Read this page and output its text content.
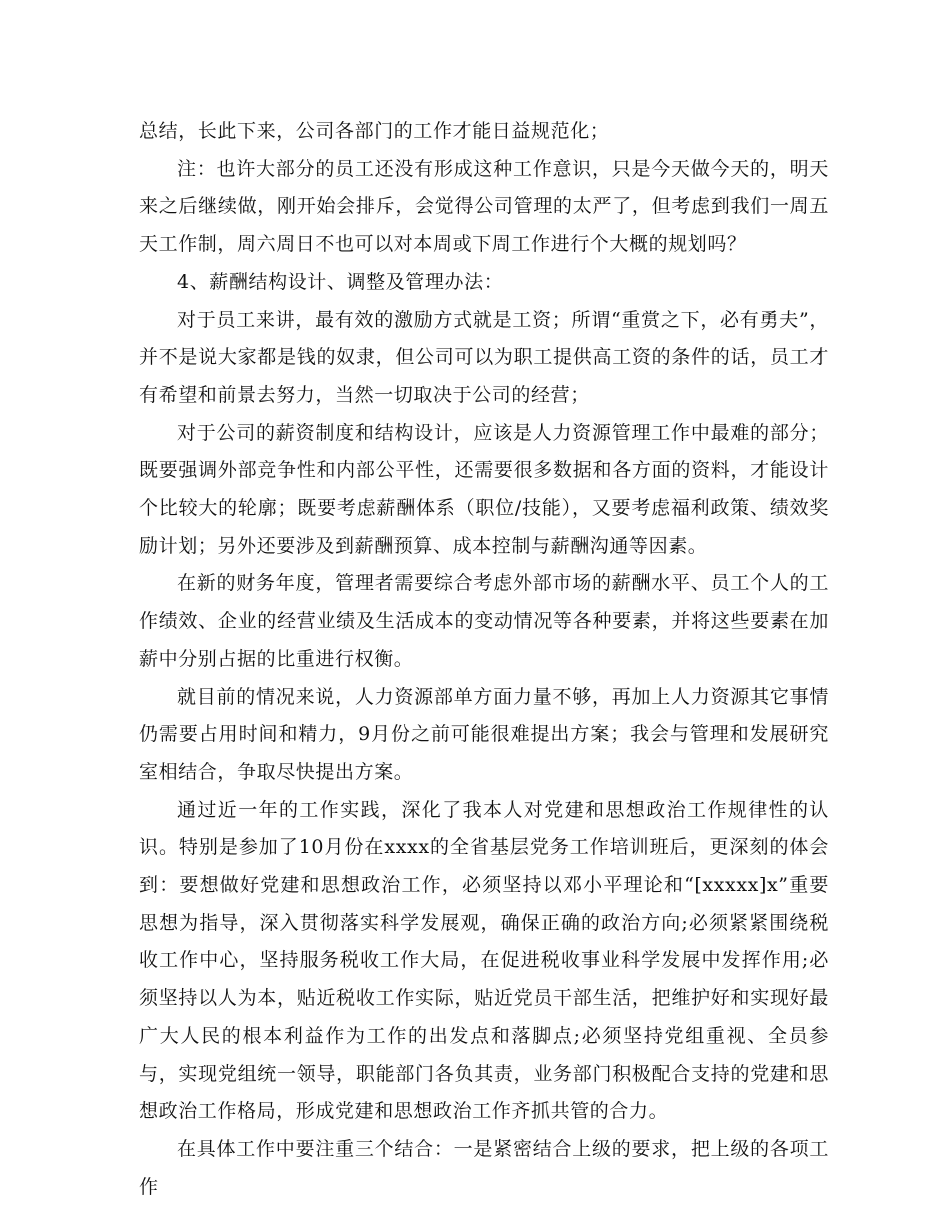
总结，长此下来，公司各部门的工作才能日益规范化；

注：也许大部分的员工还没有形成这种工作意识，只是今天做今天的，明天来之后继续做，刚开始会排斥，会觉得公司管理的太严了，但考虑到我们一周五天工作制，周六周日不也可以对本周或下周工作进行个大概的规划吗？

4、薪酬结构设计、调整及管理办法：

对于员工来讲，最有效的激励方式就是工资；所谓“重赏之下，必有勇夫”，并不是说大家都是钱的奴隶，但公司可以为职工提供高工资的条件的话，员工才有希望和前景去努力，当然一切取决于公司的经营；

对于公司的薪资制度和结构设计，应该是人力资源管理工作中最难的部分；既要强调外部竞争性和内部公平性，还需要很多数据和各方面的资料，才能设计个比较大的轮廓；既要考虑薪酬体系（职位/技能），又要考虑福利政策、绩效奖励计划；另外还要涉及到薪酬预算、成本控制与薪酬沟通等因素。

在新的财务年度，管理者需要综合考虑外部市场的薪酬水平、员工个人的工作绩效、企业的经营业绩及生活成本的变动情况等各种要素，并将这些要素在加薪中分别占据的比重进行权衡。

就目前的情况来说，人力资源部单方面力量不够，再加上人力资源其它事情仍需要占用时间和精力，9月份之前可能很难提出方案；我会与管理和发展研究室相结合，争取尽快提出方案。

通过近一年的工作实践，深化了我本人对党建和思想政治工作规律性的认识。特别是参加了10月份在xxxx的全省基层党务工作培训班后，更深刻的体会到：要想做好党建和思想政治工作，必须坚持以邓小平理论和“[xxxxx]x”重要思想为指导，深入贯彻落实科学发展观，确保正确的政治方向;必须紧紧围绕税收工作中心，坚持服务税收工作大局，在促进税收事业科学发展中发挥作用;必须坚持以人为本，贴近税收工作实际，贴近党员干部生活，把维护好和实现好最广大人民的根本利益作为工作的出发点和落脚点;必须坚持党组重视、全员参与，实现党组统一领导，职能部门各负其责，业务部门积极配合支持的党建和思想政治工作格局，形成党建和思想政治工作齐抓共管的合力。

在具体工作中要注重三个结合：一是紧密结合上级的要求，把上级的各项工作
